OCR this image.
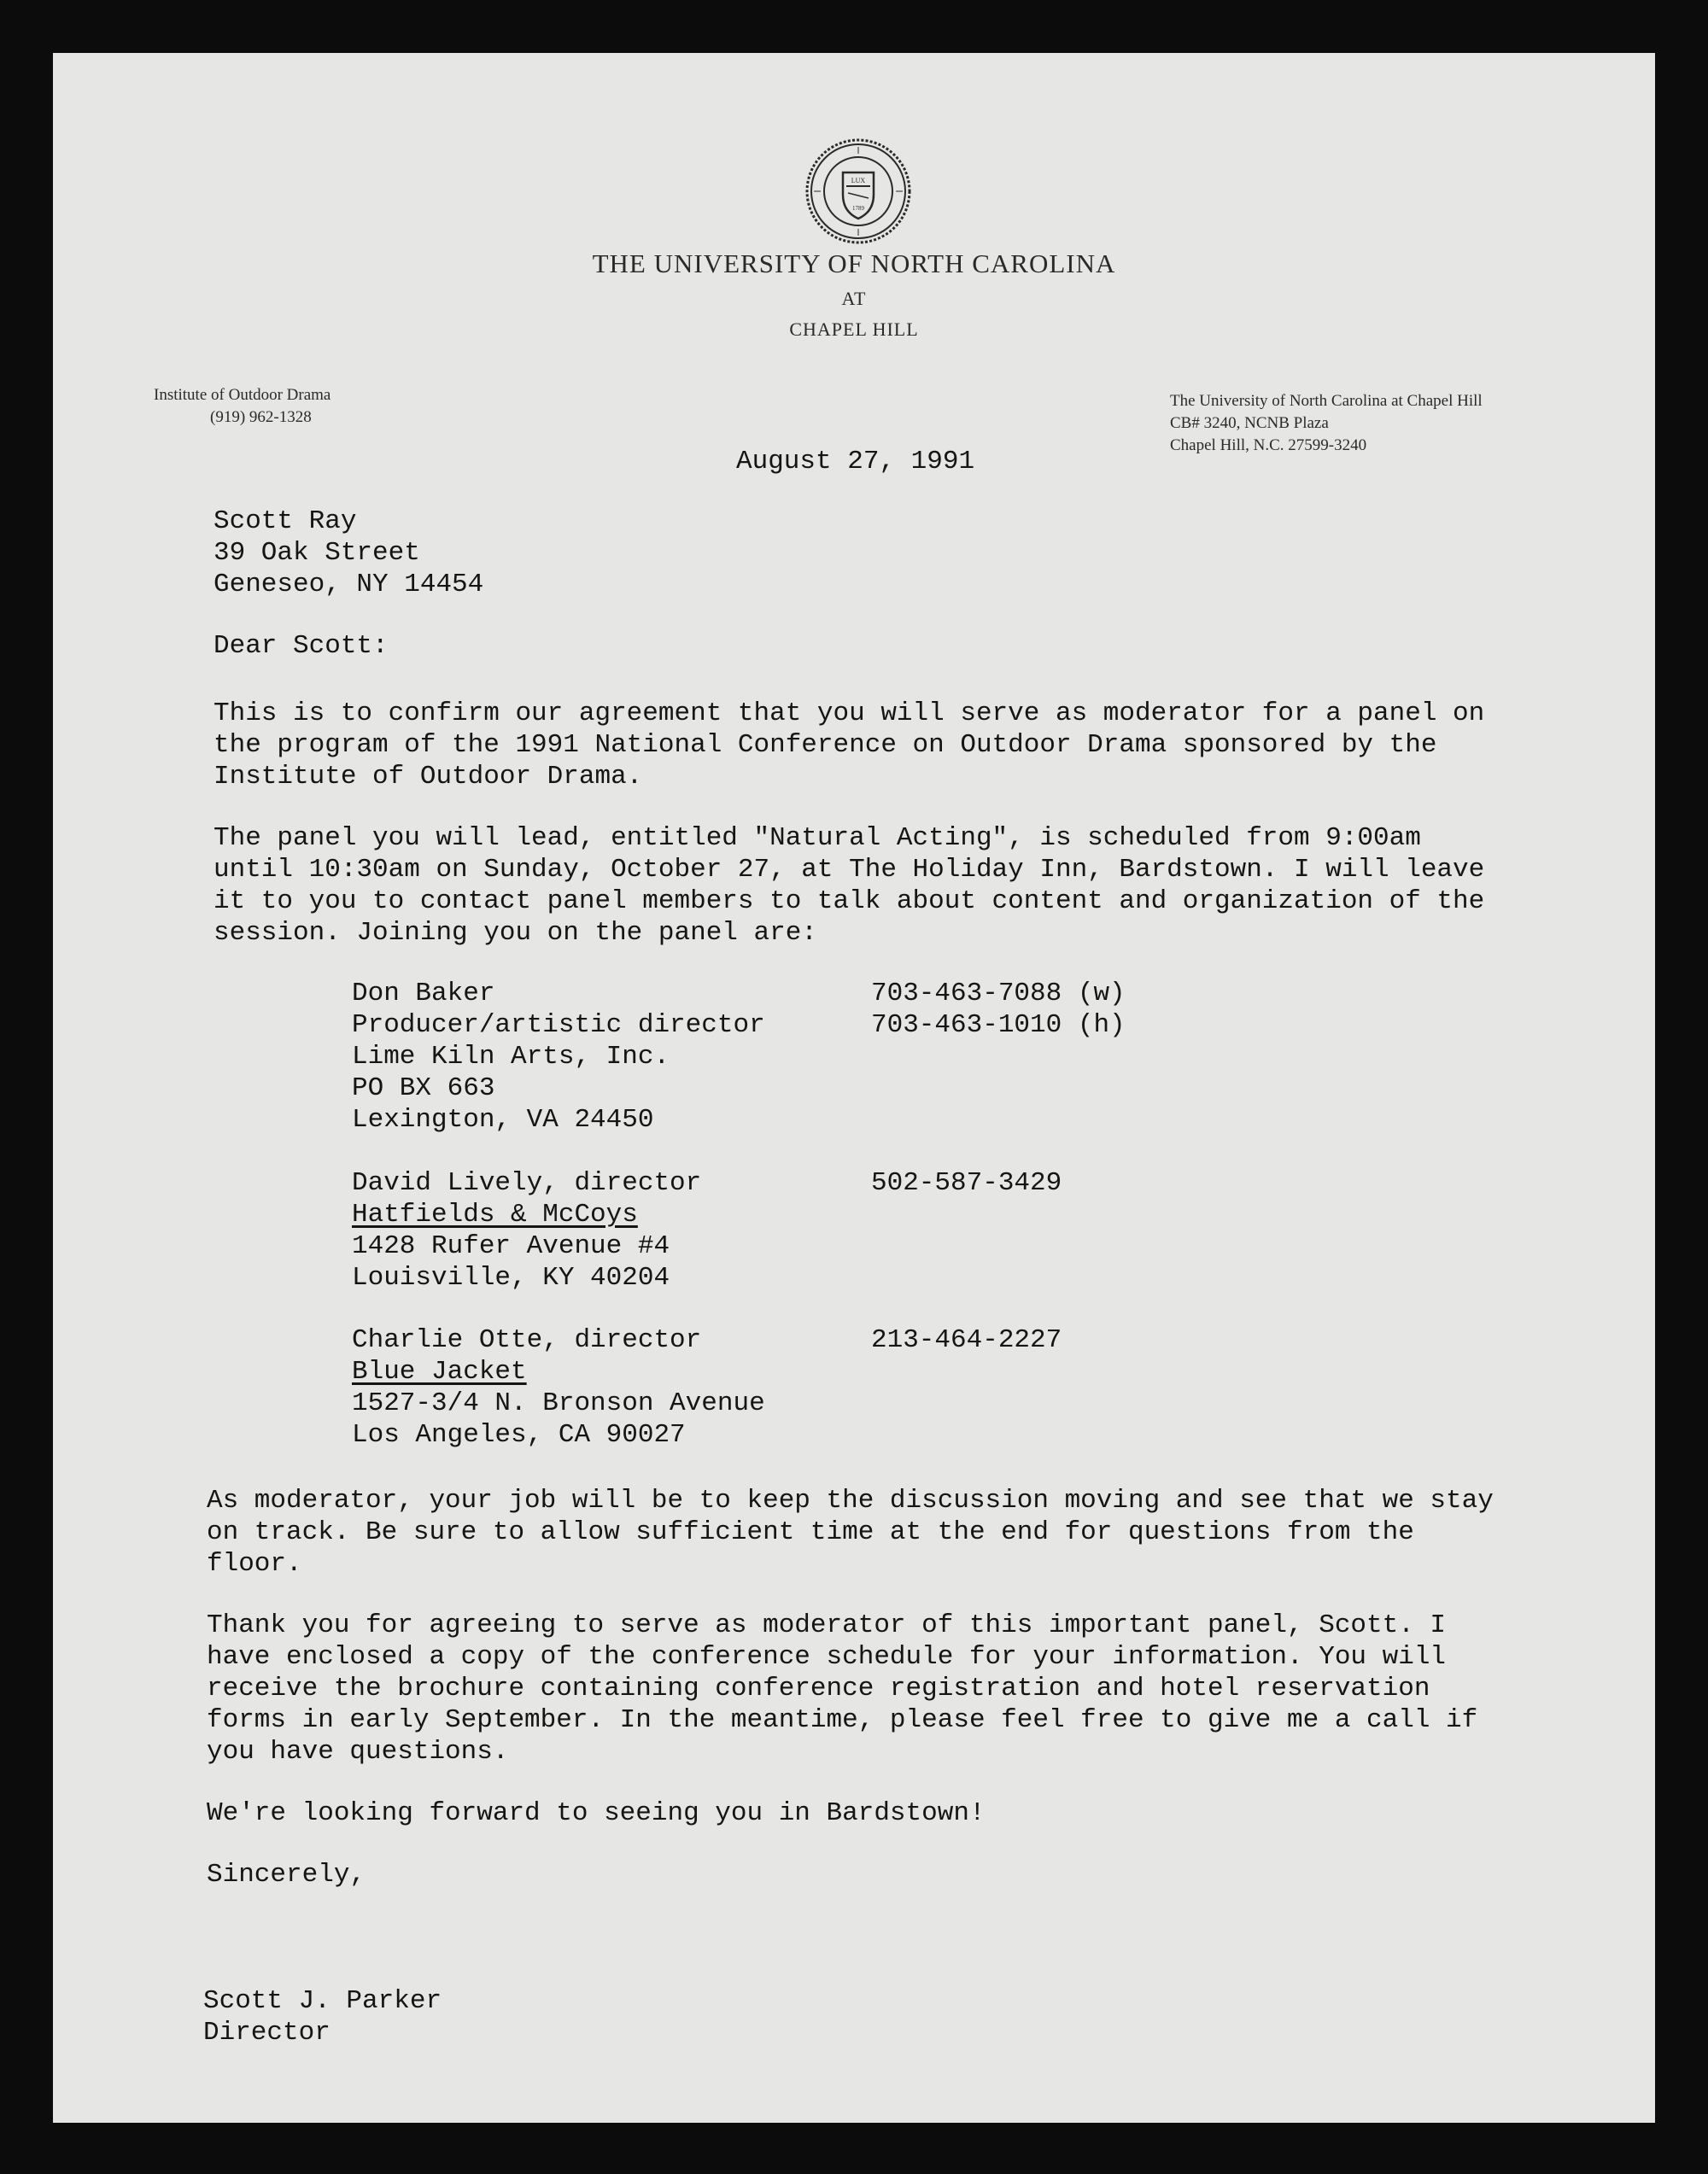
LUX
1789
THE UNIVERSITY OF NORTH CAROLINA
AT
CHAPEL HILL
Institute of Outdoor Drama
(919) 962-1328
The University of North Carolina at Chapel Hill
CB# 3240, NCNB Plaza
Chapel Hill, N.C. 27599-3240
August 27, 1991
Scott Ray
39 Oak Street
Geneseo, NY 14454
Dear Scott:
This is to confirm our agreement that you will serve as moderator for a panel on
the program of the 1991 National Conference on Outdoor Drama sponsored by the
Institute of Outdoor Drama.
The panel you will lead, entitled "Natural Acting", is scheduled from 9:00am
until 10:30am on Sunday, October 27, at The Holiday Inn, Bardstown. I will leave
it to you to contact panel members to talk about content and organization of the
session. Joining you on the panel are:
Don Baker
Producer/artistic director
Lime Kiln Arts, Inc.
PO BX 663
Lexington, VA 24450
703-463-7088 (w)
703-463-1010 (h)
David Lively, director
Hatfields & McCoys
1428 Rufer Avenue #4
Louisville, KY 40204
502-587-3429
Charlie Otte, director
Blue Jacket
1527-3/4 N. Bronson Avenue
Los Angeles, CA 90027
213-464-2227
As moderator, your job will be to keep the discussion moving and see that we stay
on track. Be sure to allow sufficient time at the end for questions from the
floor.
Thank you for agreeing to serve as moderator of this important panel, Scott. I
have enclosed a copy of the conference schedule for your information. You will
receive the brochure containing conference registration and hotel reservation
forms in early September. In the meantime, please feel free to give me a call if
you have questions.
We're looking forward to seeing you in Bardstown!
Sincerely,
Scott J. Parker
Director
